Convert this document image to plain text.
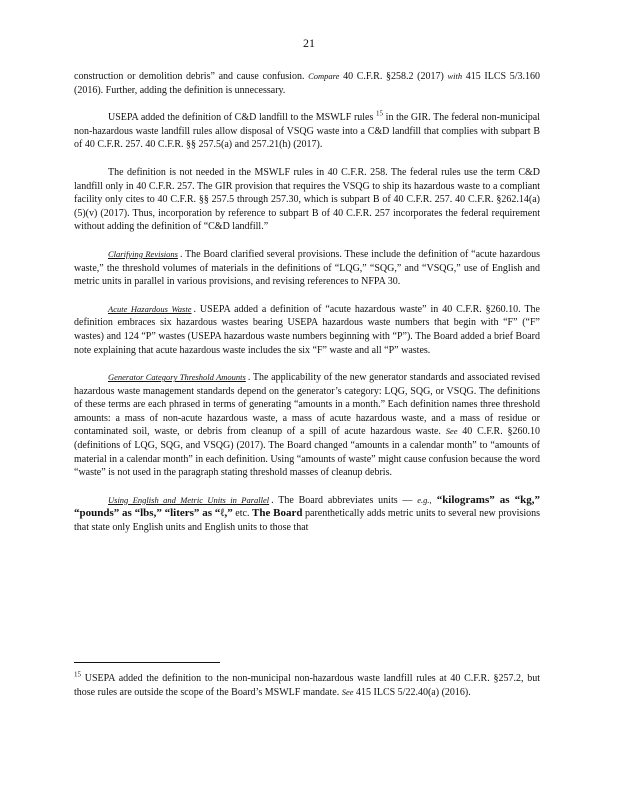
21

construction or demolition debris” and cause confusion. Compare 40 C.F.R. §258.2 (2017) with 415 ILCS 5/3.160 (2016). Further, adding the definition is unnecessary.

USEPA added the definition of C&D landfill to the MSWLF rules $^{15}$ in the GIR. The federal non-municipal non-hazardous waste landfill rules allow disposal of VSQG waste into a C&D landfill that complies with subpart B of 40 C.F.R. 257. 40 C.F.R. §§ 257.5(a) and 257.21(h) (2017).

The definition is not needed in the MSWLF rules in 40 C.F.R. 258. The federal rules use the term C&D landfill only in 40 C.F.R. 257. The GIR provision that requires the VSQG to ship its hazardous waste to a compliant facility only cites to 40 C.F.R. §§ 257.5 through 257.30, which is subpart B of 40 C.F.R. 257. 40 C.F.R. §262.14(a)(5)(v) (2017). Thus, incorporation by reference to subpart B of 40 C.F.R. 257 incorporates the federal requirement without adding the definition of “C&D landfill.”

Clarifying Revisions . The Board clarified several provisions. These include the definition of “acute hazardous waste,” the threshold volumes of materials in the definitions of “LQG,” “SQG,” and “VSQG,” use of English and metric units in parallel in various provisions, and revising references to NFPA 30.

Acute Hazardous Waste . USEPA added a definition of “acute hazardous waste” in 40 C.F.R. §260.10. The definition embraces six hazardous wastes bearing USEPA hazardous waste numbers that begin with “F” (“F” wastes) and 124 “P” wastes (USEPA hazardous waste numbers beginning with “P”). The Board added a brief Board note explaining that acute hazardous waste includes the six “F” waste and all “P” wastes.

Generator Category Threshold Amounts . The applicability of the new generator standards and associated revised hazardous waste management standards depend on the generator’s category: LQG, SQG, or VSQG. The definitions of these terms are each phrased in terms of generating “amounts in a month.” Each definition names three threshold amounts: a mass of non-acute hazardous waste, a mass of acute hazardous waste, and a mass of residue or contaminated soil, waste, or debris from cleanup of a spill of acute hazardous waste. See 40 C.F.R. §260.10 (definitions of LQG, SQG, and VSQG) (2017). The Board changed “amounts in a calendar month” to “amounts of material in a calendar month” in each definition. Using “amounts of waste” might cause confusion because the word “waste” is not used in the paragraph stating threshold masses of cleanup debris.

Using English and Metric Units in Parallel . The Board abbreviates units — e.g., “kilograms” as “kg,” “pounds” as “lbs,” “liters” as “ℓ,” etc. The Board parenthetically adds metric units to several new provisions that state only English units and English units to those that

$^{15}$ USEPA added the definition to the non-municipal non-hazardous waste landfill rules at 40 C.F.R. §257.2, but those rules are outside the scope of the Board’s MSWLF mandate. See 415 ILCS 5/22.40(a) (2016).
